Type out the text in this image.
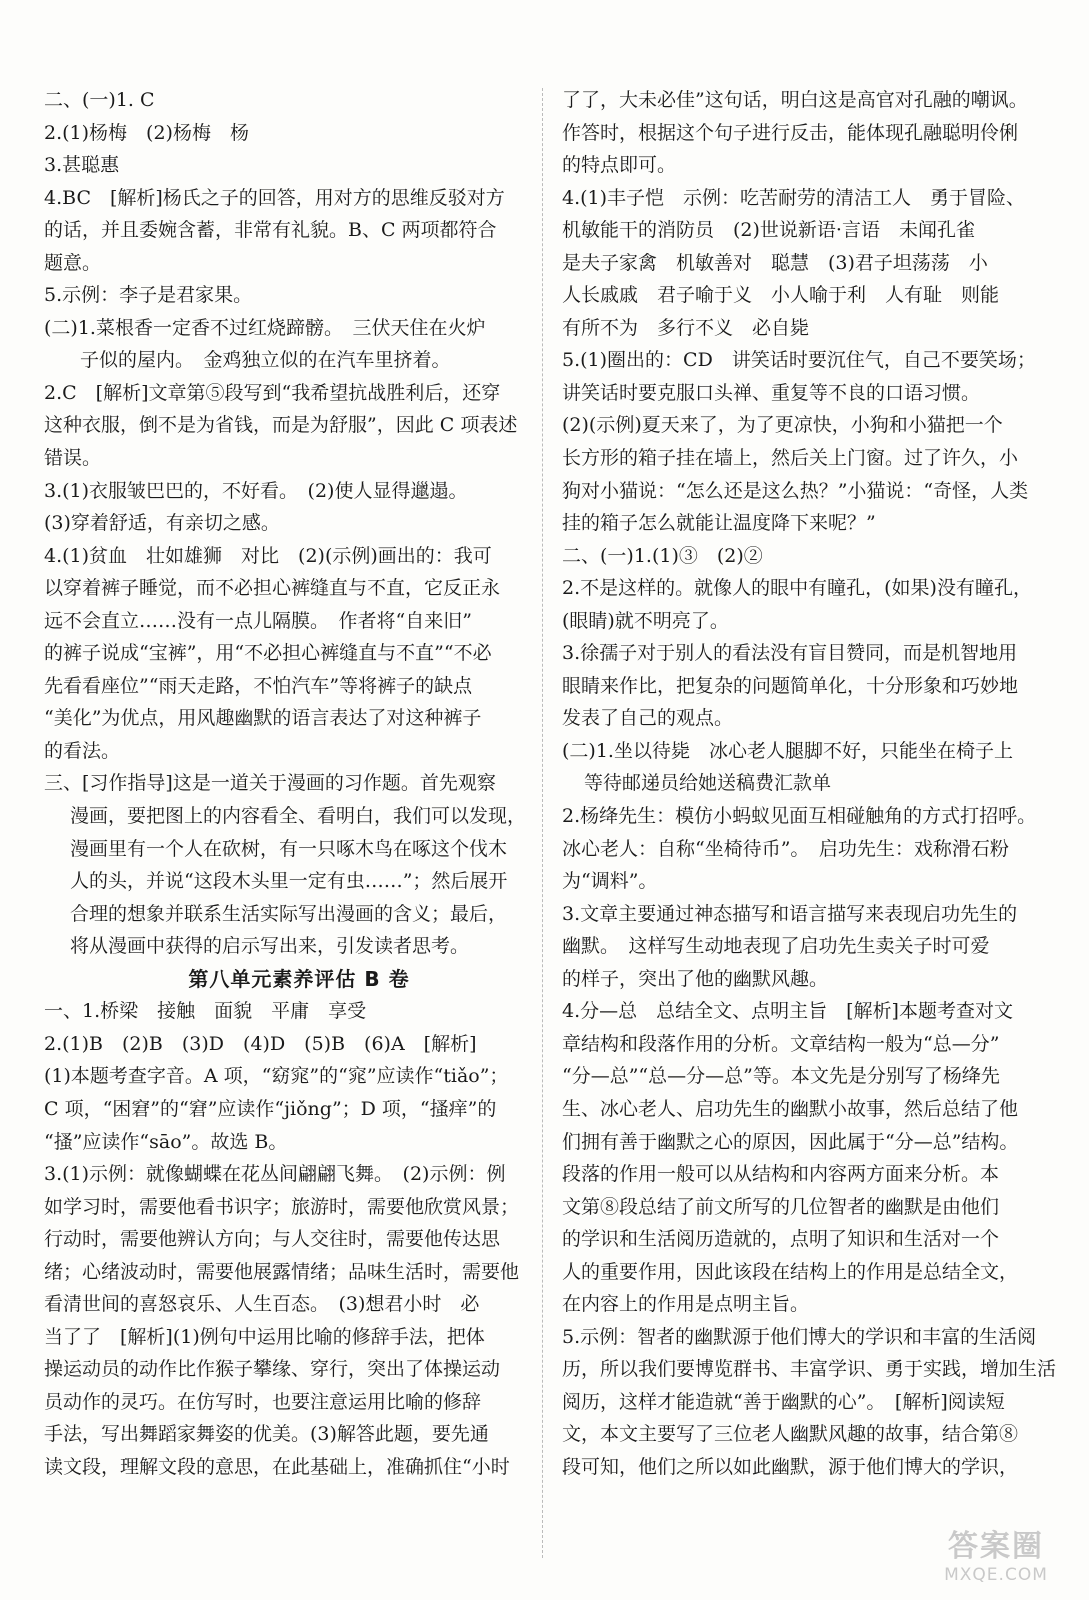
二、(一)1. C
2.(1)杨梅　(2)杨梅　杨
3.甚聪惠
4.BC　[解析]杨氏之子的回答，用对方的思维反驳对方
的话，并且委婉含蓄，非常有礼貌。B、C 两项都符合
题意。
5.示例：李子是君家果。
(二)1.菜根香一定香不过红烧蹄髈。　三伏天住在火炉
子似的屋内。　金鸡独立似的在汽车里挤着。
2.C　[解析]文章第⑤段写到“我希望抗战胜利后，还穿
这种衣服，倒不是为省钱，而是为舒服”，因此 C 项表述
错误。
3.(1)衣服皱巴巴的，不好看。　(2)使人显得邋遢。
(3)穿着舒适，有亲切之感。
4.(1)贫血　壮如雄狮　对比　(2)(示例)画出的：我可
以穿着裤子睡觉，而不必担心裤缝直与不直，它反正永
远不会直立……没有一点儿隔膜。　作者将“自来旧”
的裤子说成“宝裤”，用“不必担心裤缝直与不直”“不必
先看看座位”“雨天走路，不怕汽车”等将裤子的缺点
“美化”为优点，用风趣幽默的语言表达了对这种裤子
的看法。
三、[习作指导]这是一道关于漫画的习作题。首先观察
漫画，要把图上的内容看全、看明白，我们可以发现，
漫画里有一个人在砍树，有一只啄木鸟在啄这个伐木
人的头，并说“这段木头里一定有虫……”；然后展开
合理的想象并联系生活实际写出漫画的含义；最后，
将从漫画中获得的启示写出来，引发读者思考。
第八单元素养评估 B 卷
一、1.桥梁　接触　面貌　平庸　享受
2.(1)B　(2)B　(3)D　(4)D　(5)B　(6)A　[解析]
(1)本题考查字音。A 项，“窈窕”的“窕”应读作“tiǎo”；
C 项，“困窘”的“窘”应读作“jiǒng”；D 项，“搔痒”的
“搔”应读作“sāo”。故选 B。
3.(1)示例：就像蝴蝶在花丛间翩翩飞舞。　(2)示例：例
如学习时，需要他看书识字；旅游时，需要他欣赏风景；
行动时，需要他辨认方向；与人交往时，需要他传达思
绪；心绪波动时，需要他展露情绪；品味生活时，需要他
看清世间的喜怒哀乐、人生百态。　(3)想君小时　必
当了了　[解析](1)例句中运用比喻的修辞手法，把体
操运动员的动作比作猴子攀缘、穿行，突出了体操运动
员动作的灵巧。在仿写时，也要注意运用比喻的修辞
手法，写出舞蹈家舞姿的优美。(3)解答此题，要先通
读文段，理解文段的意思，在此基础上，准确抓住“小时
了了，大未必佳”这句话，明白这是高官对孔融的嘲讽。
作答时，根据这个句子进行反击，能体现孔融聪明伶俐
的特点即可。
4.(1)丰子恺　示例：吃苦耐劳的清洁工人　勇于冒险、
机敏能干的消防员　(2)世说新语·言语　未闻孔雀
是夫子家禽　机敏善对　聪慧　(3)君子坦荡荡　小
人长戚戚　君子喻于义　小人喻于利　人有耻　则能
有所不为　多行不义　必自毙
5.(1)圈出的：CD　讲笑话时要沉住气，自己不要笑场；
讲笑话时要克服口头禅、重复等不良的口语习惯。
(2)(示例)夏天来了，为了更凉快，小狗和小猫把一个
长方形的箱子挂在墙上，然后关上门窗。过了许久，小
狗对小猫说：“怎么还是这么热？”小猫说：“奇怪，人类
挂的箱子怎么就能让温度降下来呢？”
二、(一)1.(1)③　(2)②
2.不是这样的。就像人的眼中有瞳孔，(如果)没有瞳孔，
(眼睛)就不明亮了。
3.徐孺子对于别人的看法没有盲目赞同，而是机智地用
眼睛来作比，把复杂的问题简单化，十分形象和巧妙地
发表了自己的观点。
(二)1.坐以待毙　冰心老人腿脚不好，只能坐在椅子上
等待邮递员给她送稿费汇款单
2.杨绛先生：模仿小蚂蚁见面互相碰触角的方式打招呼。
冰心老人：自称“坐椅待币”。　启功先生：戏称滑石粉
为“调料”。
3.文章主要通过神态描写和语言描写来表现启功先生的
幽默。　这样写生动地表现了启功先生卖关子时可爱
的样子，突出了他的幽默风趣。
4.分—总　总结全文、点明主旨　[解析]本题考查对文
章结构和段落作用的分析。文章结构一般为“总—分”
“分—总”“总—分—总”等。本文先是分别写了杨绛先
生、冰心老人、启功先生的幽默小故事，然后总结了他
们拥有善于幽默之心的原因，因此属于“分—总”结构。
段落的作用一般可以从结构和内容两方面来分析。本
文第⑧段总结了前文所写的几位智者的幽默是由他们
的学识和生活阅历造就的，点明了知识和生活对一个
人的重要作用，因此该段在结构上的作用是总结全文，
在内容上的作用是点明主旨。
5.示例：智者的幽默源于他们博大的学识和丰富的生活阅
历，所以我们要博览群书、丰富学识、勇于实践，增加生活
阅历，这样才能造就“善于幽默的心”。　[解析]阅读短
文，本文主要写了三位老人幽默风趣的故事，结合第⑧
段可知，他们之所以如此幽默，源于他们博大的学识，
答案圈
MXQE.COM
